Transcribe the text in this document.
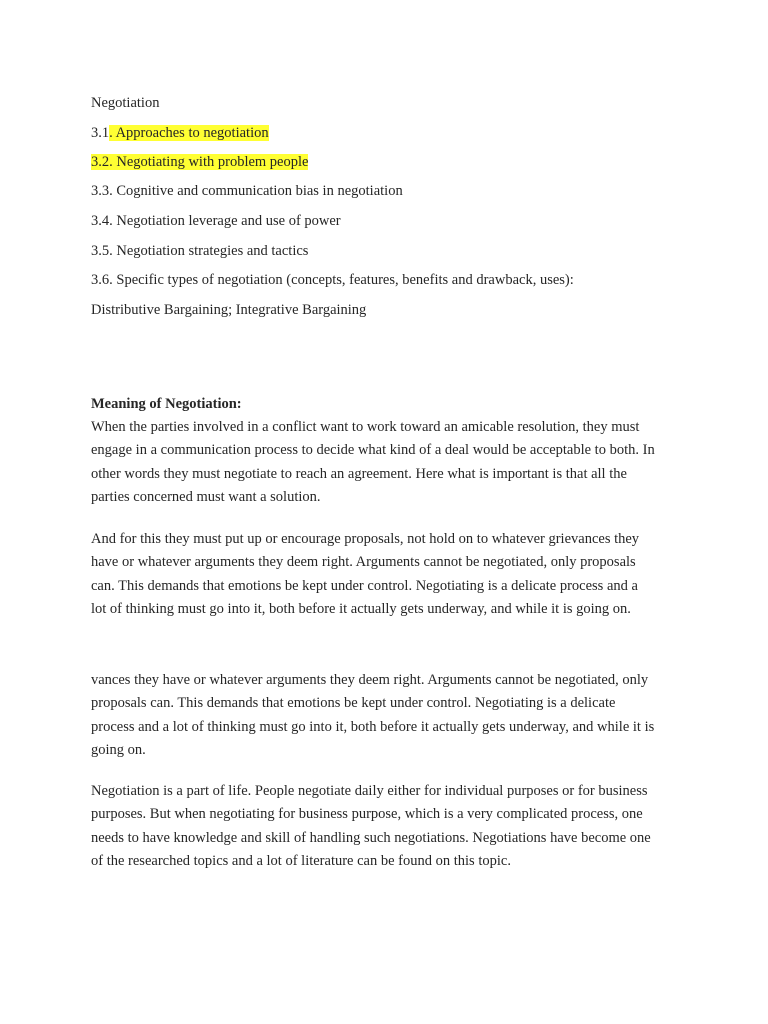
Negotiation
3.1. Approaches to negotiation
3.2. Negotiating with problem people
3.3. Cognitive and communication bias in negotiation
3.4. Negotiation leverage and use of power
3.5. Negotiation strategies and tactics
3.6. Specific types of negotiation (concepts, features, benefits and drawback, uses):
Distributive Bargaining; Integrative Bargaining
Meaning of Negotiation:
When the parties involved in a conflict want to work toward an amicable resolution, they must
engage in a communication process to decide what kind of a deal would be acceptable to both. In
other words they must negotiate to reach an agreement. Here what is important is that all the
parties concerned must want a solution.
And for this they must put up or encourage proposals, not hold on to whatever grievances they
have or whatever arguments they deem right. Arguments cannot be negotiated, only proposals
can. This demands that emotions be kept under control. Negotiating is a delicate process and a
lot of thinking must go into it, both before it actually gets underway, and while it is going on.
vances they have or whatever arguments they deem right. Arguments cannot be negotiated, only
proposals can. This demands that emotions be kept under control. Negotiating is a delicate
process and a lot of thinking must go into it, both before it actually gets underway, and while it is
going on.
Negotiation is a part of life. People negotiate daily either for individual purposes or for business
purposes. But when negotiating for business purpose, which is a very complicated process, one
needs to have knowledge and skill of handling such negotiations. Negotiations have become one
of the researched topics and a lot of literature can be found on this topic.
